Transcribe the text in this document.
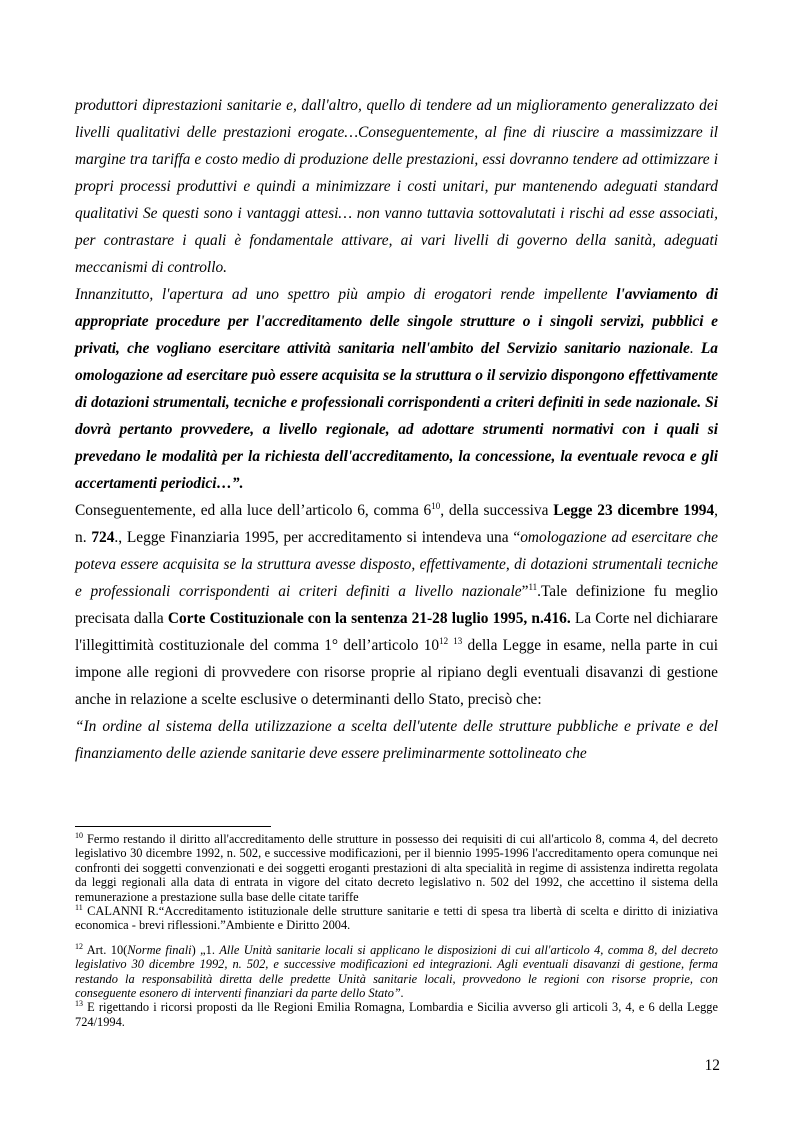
produttori diprestazioni sanitarie e, dall'altro, quello di tendere ad un miglioramento generalizzato dei livelli qualitativi delle prestazioni erogate…Conseguentemente, al fine di riuscire a massimizzare il margine tra tariffa e costo medio di produzione delle prestazioni, essi dovranno tendere ad ottimizzare i propri processi produttivi e quindi a minimizzare i costi unitari, pur mantenendo adeguati standard qualitativi Se questi sono i vantaggi attesi… non vanno tuttavia sottovalutati i rischi ad esse associati, per contrastare i quali è fondamentale attivare, ai vari livelli di governo della sanità, adeguati meccanismi di controllo.

Innanzitutto, l'apertura ad uno spettro più ampio di erogatori rende impellente l'avviamento di appropriate procedure per l'accreditamento delle singole strutture o i singoli servizi, pubblici e privati, che vogliano esercitare attività sanitaria nell'ambito del Servizio sanitario nazionale. La omologazione ad esercitare può essere acquisita se la struttura o il servizio dispongono effettivamente di dotazioni strumentali, tecniche e professionali corrispondenti a criteri definiti in sede nazionale. Si dovrà pertanto provvedere, a livello regionale, ad adottare strumenti normativi con i quali si prevedano le modalità per la richiesta dell'accreditamento, la concessione, la eventuale revoca e gli accertamenti periodici…”.

Conseguentemente, ed alla luce dell’articolo 6, comma $6^{10}$, della successiva Legge 23 dicembre 1994, n. 724., Legge Finanziaria 1995, per accreditamento si intendeva una “omologazione ad esercitare che poteva essere acquisita se la struttura avesse disposto, effettivamente, di dotazioni strumentali tecniche e professionali corrispondenti ai criteri definiti a livello nazionale”$^{11}$.Tale definizione fu meglio precisata dalla Corte Costituzionale con la sentenza 21-28 luglio 1995, n.416. La Corte nel dichiarare l'illegittimità costituzionale del comma 1° dell’articolo $10^{12}$ $^{13}$ della Legge in esame, nella parte in cui impone alle regioni di provvedere con risorse proprie al ripiano degli eventuali disavanzi di gestione anche in relazione a scelte esclusive o determinanti dello Stato, precisò che:

“In ordine al sistema della utilizzazione a scelta dell'utente delle strutture pubbliche e private e del finanziamento delle aziende sanitarie deve essere preliminarmente sottolineato che

$^{10}$ Fermo restando il diritto all'accreditamento delle strutture in possesso dei requisiti di cui all'articolo 8, comma 4, del decreto legislativo 30 dicembre 1992, n. 502, e successive modificazioni, per il biennio 1995-1996 l'accreditamento opera comunque nei confronti dei soggetti convenzionati e dei soggetti eroganti prestazioni di alta specialità in regime di assistenza indiretta regolata da leggi regionali alla data di entrata in vigore del citato decreto legislativo n. 502 del 1992, che accettino il sistema della remunerazione a prestazione sulla base delle citate tariffe

$^{11}$ CALANNI R.“Accreditamento istituzionale delle strutture sanitarie e tetti di spesa tra libertà di scelta e diritto di iniziativa economica - brevi riflessioni.”Ambiente e Diritto 2004.

$^{12}$ Art. 10(Norme finali) „1. Alle Unità sanitarie locali si applicano le disposizioni di cui all'articolo 4, comma 8, del decreto legislativo 30 dicembre 1992, n. 502, e successive modificazioni ed integrazioni. Agli eventuali disavanzi di gestione, ferma restando la responsabilità diretta delle predette Unità sanitarie locali, provvedono le regioni con risorse proprie, con conseguente esonero di interventi finanziari da parte dello Stato”.

$^{13}$ E rigettando i ricorsi proposti da lle Regioni Emilia Romagna, Lombardia e Sicilia avverso gli articoli 3, 4, e 6 della Legge 724/1994.

12
